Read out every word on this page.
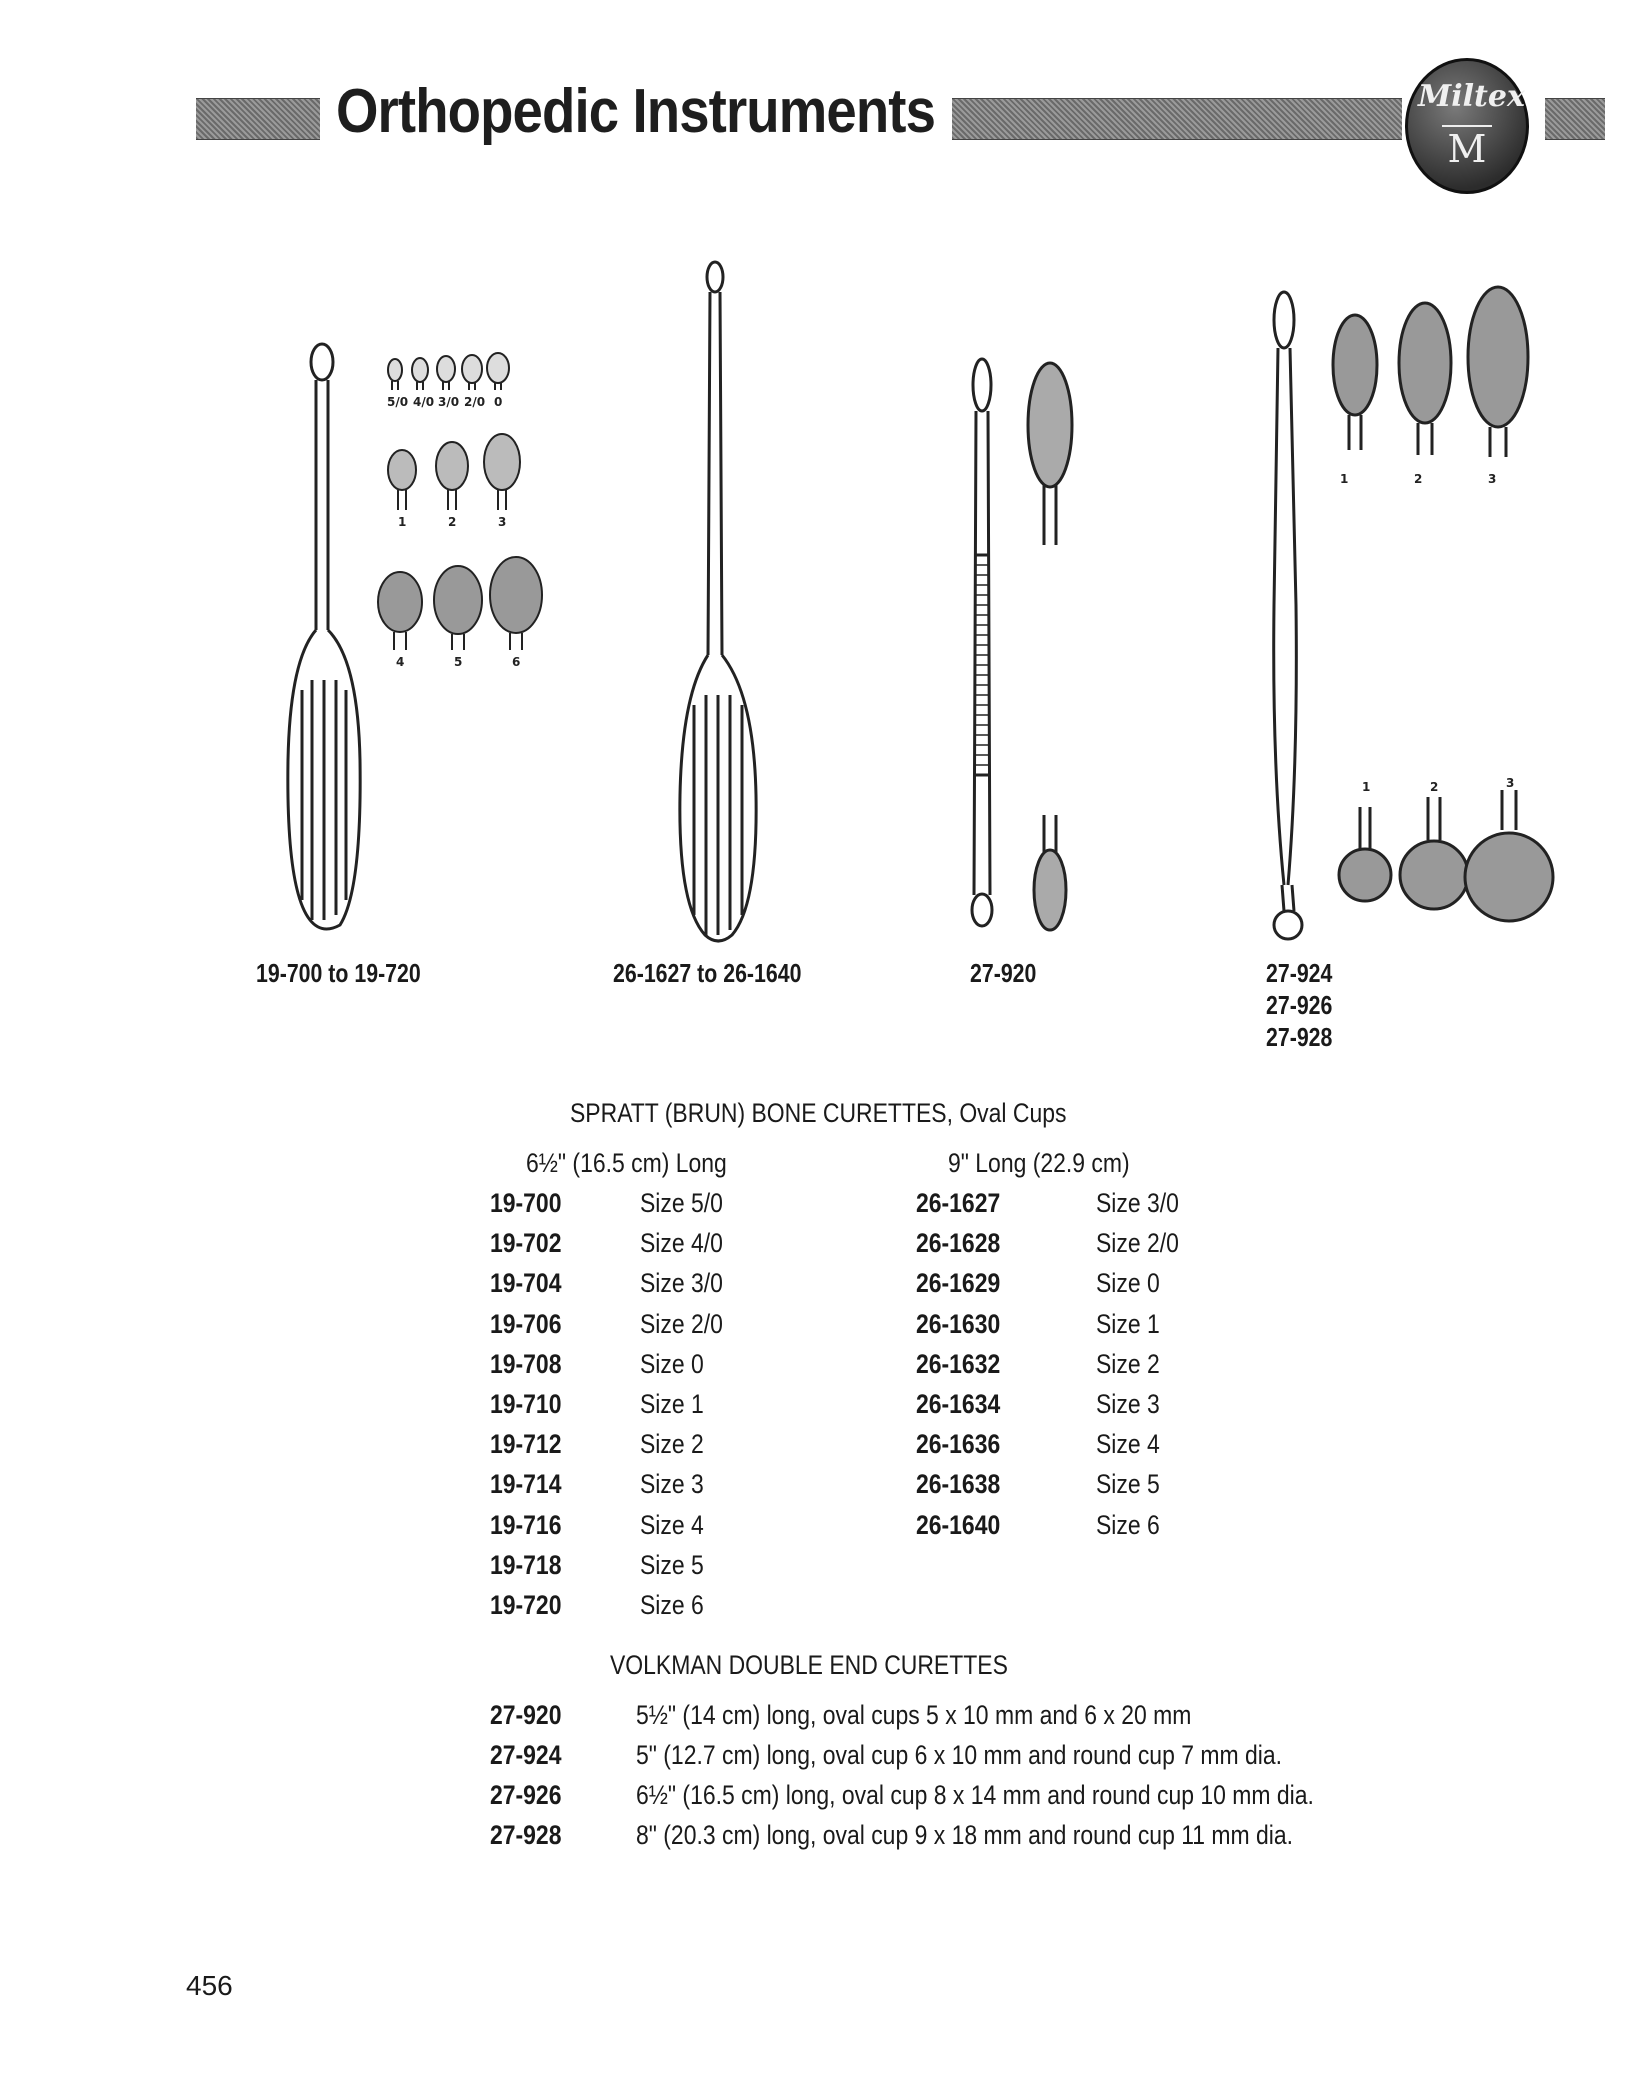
Orthopedic Instruments	Miltex
M
5/0 4/0 3/0 2/0 0
1	2	3
4	5	6
19-700 to 19-720	26-1627 to 26-1640	27-920
1	2	3
1	2	3
27-924
27-926
27-928
SPRATT (BRUN) BONE CURETTES, Oval Cups
6½" (16.5 cm) Long	9" Long (22.9 cm)
19-700	Size 5/0
19-702	Size 4/0
19-704	Size 3/0
19-706	Size 2/0
19-708	Size 0
19-710	Size 1
19-712	Size 2
19-714	Size 3
19-716	Size 4
19-718	Size 5
19-720	Size 6
26-1627	Size 3/0
26-1628	Size 2/0
26-1629	Size 0
26-1630	Size 1
26-1632	Size 2
26-1634	Size 3
26-1636	Size 4
26-1638	Size 5
26-1640	Size 6
VOLKMAN DOUBLE END CURETTES
27-920	5½" (14 cm) long, oval cups 5 x 10 mm and 6 x 20 mm
27-924	5" (12.7 cm) long, oval cup 6 x 10 mm and round cup 7 mm dia.
27-926	6½" (16.5 cm) long, oval cup 8 x 14 mm and round cup 10 mm dia.
27-928	8" (20.3 cm) long, oval cup 9 x 18 mm and round cup 11 mm dia.
456
